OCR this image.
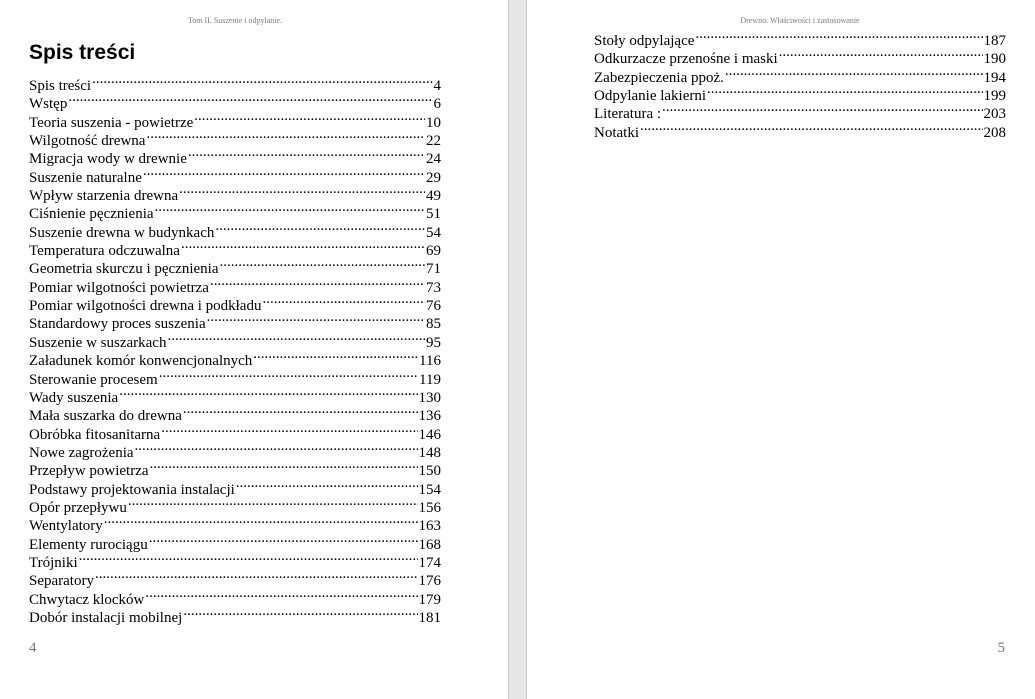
Tom II. Suszenie i odpylanie.
Spis treści
Spis treści .....	4
Wstęp .....	6
Teoria suszenia - powietrze .....	10
Wilgotność drewna .....	22
Migracja wody w drewnie .....	24
Suszenie naturalne .....	29
Wpływ starzenia drewna .....	49
Ciśnienie pęcznienia .....	51
Suszenie drewna w budynkach .....	54
Temperatura odczuwalna .....	69
Geometria skurczu i pęcznienia .....	71
Pomiar wilgotności powietrza .....	73
Pomiar wilgotności drewna i podkładu .....	76
Standardowy proces suszenia .....	85
Suszenie w suszarkach .....	95
Załadunek komór konwencjonalnych .....	116
Sterowanie procesem .....	119
Wady suszenia .....	130
Mała suszarka do drewna .....	136
Obróbka fitosanitarna .....	146
Nowe zagrożenia .....	148
Przepływ powietrza .....	150
Podstawy projektowania instalacji .....	154
Opór przepływu .....	156
Wentylatory .....	163
Elementy rurociągu .....	168
Trójniki .....	174
Separatory .....	176
Chwytacz klocków .....	179
Dobór instalacji mobilnej .....	181
4
Drewno. Właściwości i zastosowanie
Stoły odpylające .....	187
Odkurzacze przenośne i maski .....	190
Zabezpieczenia ppoż. .....	194
Odpylanie lakierni .....	199
Literatura : .....	203
Notatki .....	208
5
